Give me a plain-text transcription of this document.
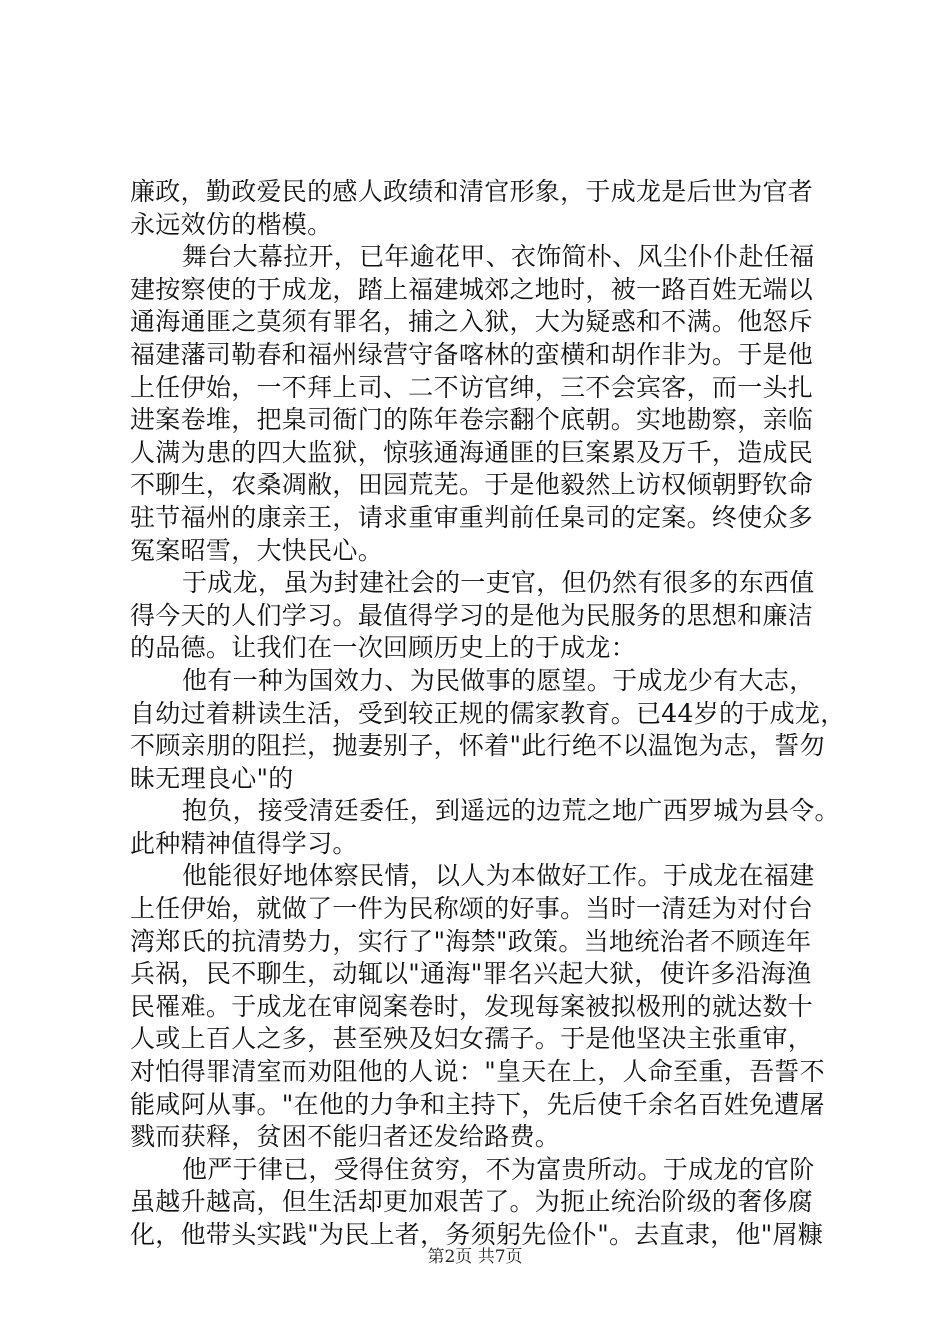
廉政，勤政爱民的感人政绩和清官形象，于成龙是后世为官者
永远效仿的楷模。
舞台大幕拉开，已年逾花甲、衣饰简朴、风尘仆仆赴任福
建按察使的于成龙，踏上福建城郊之地时，被一路百姓无端以
通海通匪之莫须有罪名，捕之入狱，大为疑惑和不满。他怒斥
福建藩司勒春和福州绿营守备喀林的蛮横和胡作非为。于是他
上任伊始，一不拜上司、二不访官绅，三不会宾客，而一头扎
进案卷堆，把臬司衙门的陈年卷宗翻个底朝。实地勘察，亲临
人满为患的四大监狱，惊骇通海通匪的巨案累及万千，造成民
不聊生，农桑凋敝，田园荒芜。于是他毅然上访权倾朝野钦命
驻节福州的康亲王，请求重审重判前任臬司的定案。终使众多
冤案昭雪，大快民心。
于成龙，虽为封建社会的一吏官，但仍然有很多的东西值
得今天的人们学习。最值得学习的是他为民服务的思想和廉洁
的品德。让我们在一次回顾历史上的于成龙：
他有一种为国效力、为民做事的愿望。于成龙少有大志，
自幼过着耕读生活，受到较正规的儒家教育。已44岁的于成龙，
不顾亲朋的阻拦，抛妻别子，怀着"此行绝不以温饱为志，誓勿
昧无理良心"的
抱负，接受清廷委任，到遥远的边荒之地广西罗城为县令。
此种精神值得学习。
他能很好地体察民情，以人为本做好工作。于成龙在福建
上任伊始，就做了一件为民称颂的好事。当时一清廷为对付台
湾郑氏的抗清势力，实行了"海禁"政策。当地统治者不顾连年
兵祸，民不聊生，动辄以"通海"罪名兴起大狱，使许多沿海渔
民罹难。于成龙在审阅案卷时，发现每案被拟极刑的就达数十
人或上百人之多，甚至殃及妇女孺子。于是他坚决主张重审，
对怕得罪清室而劝阻他的人说："皇天在上，人命至重，吾誓不
能咸阿从事。"在他的力争和主持下，先后使千余名百姓免遭屠
戮而获释，贫困不能归者还发给路费。
他严于律已，受得住贫穷，不为富贵所动。于成龙的官阶
虽越升越高，但生活却更加艰苦了。为扼止统治阶级的奢侈腐
化，他带头实践"为民上者，务须躬先俭仆"。去直隶，他"屑糠
第2页 共7页
